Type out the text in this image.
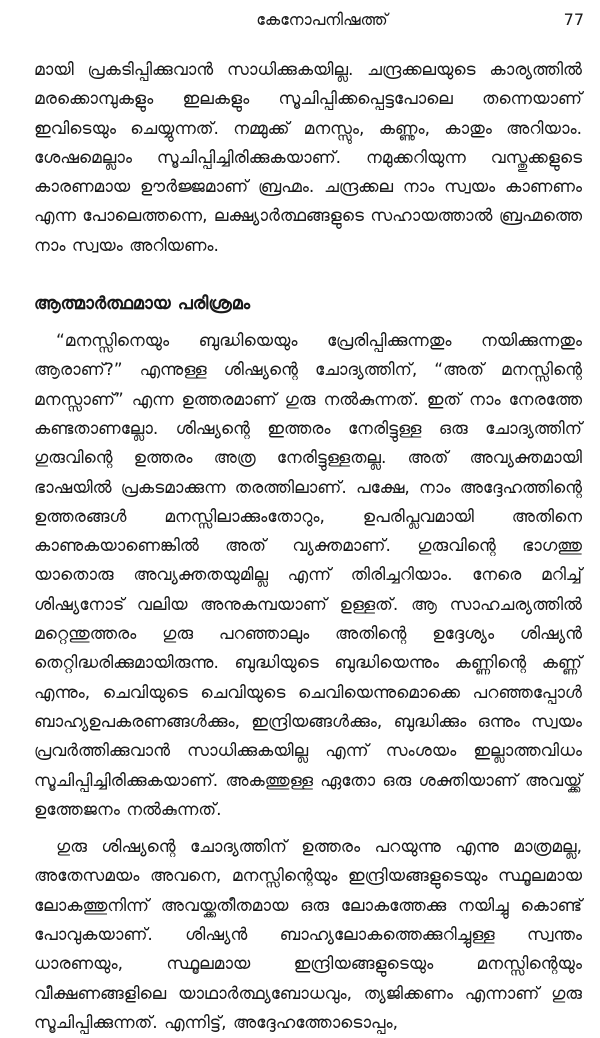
കേനോപനിഷത്ത്	77

മായി പ്രകടിപ്പിക്കുവാൻ സാധിക്കുകയില്ല. ചന്ദ്രക്കലയുടെ കാര്യത്തിൽ മരക്കൊമ്പുകളും ഇലകളും സൂചിപ്പിക്കപ്പെട്ടപോലെ തന്നെയാണ് ഇവിടെയും ചെയ്യുന്നത്. നമ്മുക്ക് മനസ്സും, കണ്ണും, കാതും അറിയാം. ശേഷമെല്ലാം സൂചിപ്പിച്ചിരിക്കുകയാണ്. നമുക്കറിയുന്ന വസ്തുക്കളുടെ കാരണമായ ഊർജ്ജമാണ് ബ്രഹ്മം. ചന്ദ്രക്കല നാം സ്വയം കാണണം എന്ന പോലെത്തന്നെ, ലക്ഷ്യാർത്ഥങ്ങളുടെ സഹായത്താൽ ബ്രഹ്മത്തെ നാം സ്വയം അറിയണം.

ആത്മാർത്ഥമായ പരിശ്രമം

“മനസ്സിനെയും ബുദ്ധിയെയും പ്രേരിപ്പിക്കുന്നതും നയിക്കുന്നതും ആരാണ്?” എന്നുള്ള ശിഷ്യന്റെ ചോദ്യത്തിന്, “അത് മനസ്സിന്റെ മനസ്സാണ്” എന്ന ഉത്തരമാണ് ഗുരു നൽകുന്നത്. ഇത് നാം നേരത്തേ കണ്ടതാണല്ലോ. ശിഷ്യന്റെ ഇത്തരം നേരിട്ടുള്ള ഒരു ചോദ്യത്തിന് ഗുരുവിന്റെ ഉത്തരം അത്ര നേരിട്ടുള്ളതല്ല. അത് അവ്യക്തമായി ഭാഷയിൽ പ്രകടമാക്കുന്ന തരത്തിലാണ്. പക്ഷേ, നാം അദ്ദേഹത്തിന്റെ ഉത്തരങ്ങൾ മനസ്സിലാക്കുംതോറും, ഉപരിപ്ലവമായി അതിനെ കാണുകയാണെങ്കിൽ അത് വ്യക്തമാണ്. ഗുരുവിന്റെ ഭാഗത്തു യാതൊരു അവ്യക്തതയുമില്ല എന്ന് തിരിച്ചറിയാം. നേരെ മറിച്ച് ശിഷ്യനോട് വലിയ അനുകമ്പയാണ് ഉള്ളത്. ആ സാഹചര്യത്തിൽ മറ്റെന്തുത്തരം ഗുരു പറഞ്ഞാലും അതിന്റെ ഉദ്ദേശ്യം ശിഷ്യൻ തെറ്റിദ്ധരിക്കുമായിരുന്നു. ബുദ്ധിയുടെ ബുദ്ധിയെന്നും കണ്ണിന്റെ കണ്ണ് എന്നും, ചെവിയുടെ ചെവിയുടെ ചെവിയെന്നുമൊക്കെ പറഞ്ഞപ്പോൾ ബാഹ്യഉപകരണങ്ങൾക്കും, ഇന്ദ്രിയങ്ങൾക്കും, ബുദ്ധിക്കും ഒന്നും സ്വയം പ്രവർത്തിക്കുവാൻ സാധിക്കുകയില്ല എന്ന് സംശയം ഇല്ലാത്തവിധം സൂചിപ്പിച്ചിരിക്കുകയാണ്. അകത്തുള്ള ഏതോ ഒരു ശക്തിയാണ് അവയ്ക്ക് ഉത്തേജനം നൽകുന്നത്.

ഗുരു ശിഷ്യന്റെ ചോദ്യത്തിന് ഉത്തരം പറയുന്നു എന്നു മാത്രമല്ല, അതേസമയം അവനെ, മനസ്സിന്റെയും ഇന്ദ്രിയങ്ങളുടെയും സ്ഥൂലമായ ലോകത്തുനിന്ന് അവയ്ക്കതീതമായ ഒരു ലോകത്തേക്കു നയിച്ചു കൊണ്ട് പോവുകയാണ്. ശിഷ്യൻ ബാഹ്യലോകത്തെക്കുറിച്ചുള്ള സ്വന്തം ധാരണയും, സ്ഥൂലമായ ഇന്ദ്രിയങ്ങളുടെയും മനസ്സിന്റെയും വീക്ഷണങ്ങളിലെ യാഥാർത്ഥ്യബോധവും, ത്യജിക്കണം എന്നാണ് ഗുരു സൂചിപ്പിക്കുന്നത്. എന്നിട്ട്, അദ്ദേഹത്തോടൊപ്പം,
